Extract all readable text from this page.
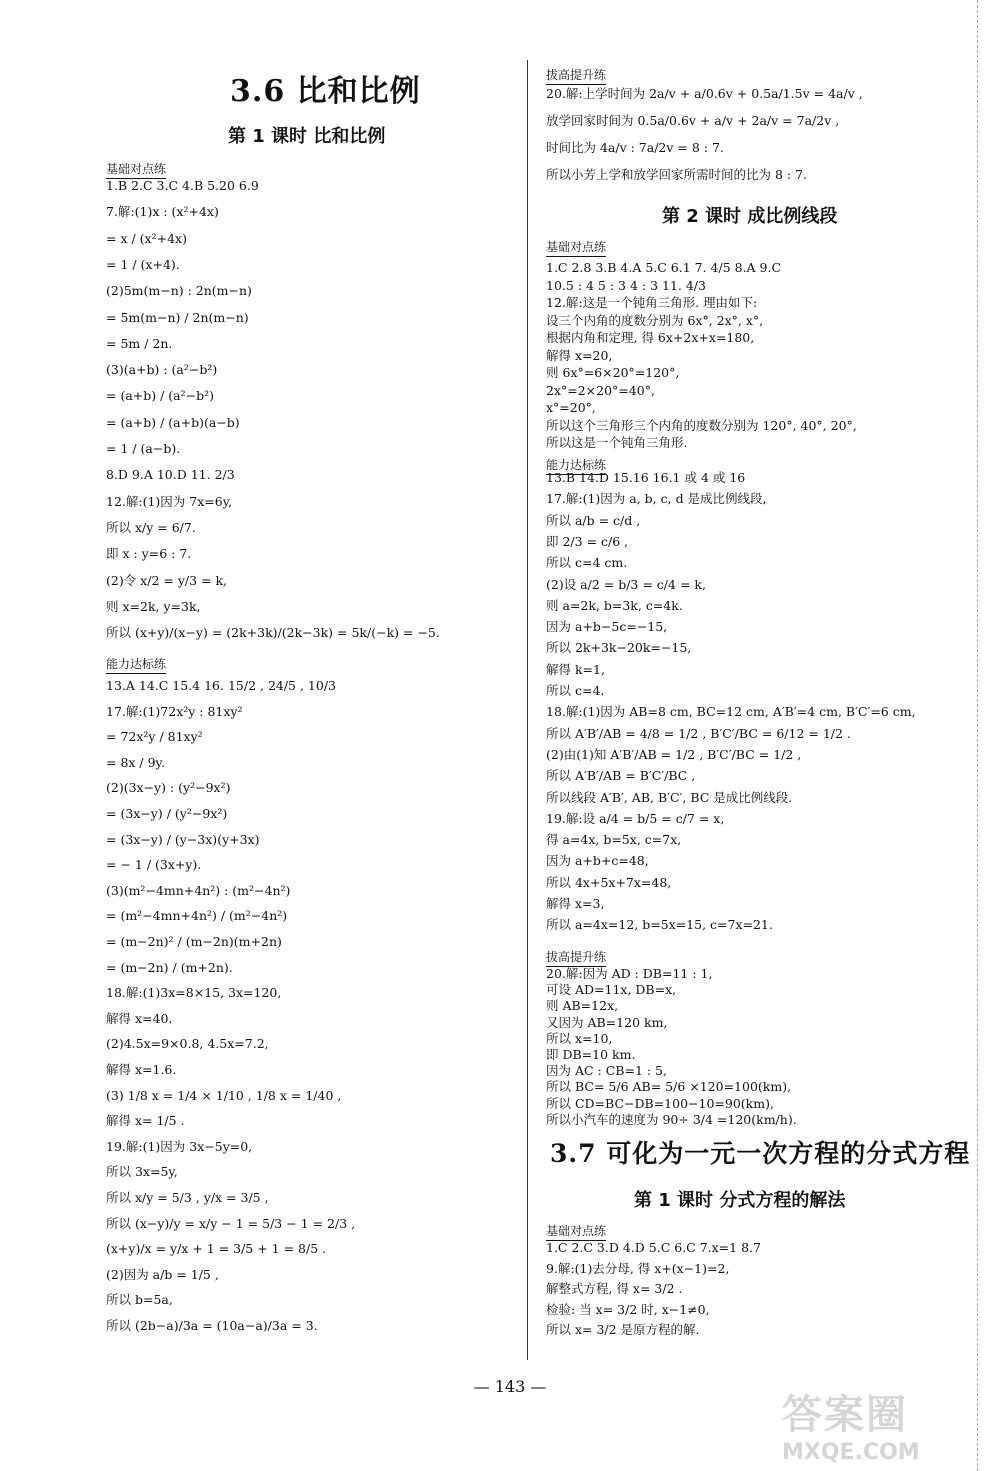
3.6 比和比例
第 1 课时 比和比例
基础对点练
1.B 2.C 3.C 4.B 5.20 6.9
7.解:(1)x : (x²+4x)
= x / (x²+4x)
= 1 / (x+4).
(2)5m(m−n) : 2n(m−n)
= 5m(m−n) / 2n(m−n)
= 5m / 2n.
(3)(a+b) : (a²−b²)
= (a+b) / (a²−b²)
= (a+b) / (a+b)(a−b)
= 1 / (a−b).
8.D 9.A 10.D 11. 2/3
12.解:(1)因为 7x=6y,
所以 x/y = 6/7.
即 x : y=6 : 7.
(2)令 x/2 = y/3 = k,
则 x=2k, y=3k,
所以 (x+y)/(x−y) = (2k+3k)/(2k−3k) = 5k/(−k) = −5.
能力达标练
13.A 14.C 15.4 16. 15/2 , 24/5 , 10/3
17.解:(1)72x²y : 81xy²
= 72x²y / 81xy²
= 8x / 9y.
(2)(3x−y) : (y²−9x²)
= (3x−y) / (y²−9x²)
= (3x−y) / (y−3x)(y+3x)
= − 1 / (3x+y).
(3)(m²−4mn+4n²) : (m²−4n²)
= (m²−4mn+4n²) / (m²−4n²)
= (m−2n)² / (m−2n)(m+2n)
= (m−2n) / (m+2n).
18.解:(1)3x=8×15, 3x=120,
解得 x=40.
(2)4.5x=9×0.8, 4.5x=7.2,
解得 x=1.6.
(3) 1/8 x = 1/4 × 1/10 , 1/8 x = 1/40 ,
解得 x= 1/5 .
19.解:(1)因为 3x−5y=0,
所以 3x=5y,
所以 x/y = 5/3 , y/x = 3/5 ,
所以 (x−y)/y = x/y − 1 = 5/3 − 1 = 2/3 ,
(x+y)/x = y/x + 1 = 3/5 + 1 = 8/5 .
(2)因为 a/b = 1/5 ,
所以 b=5a,
所以 (2b−a)/3a = (10a−a)/3a = 3.
拔高提升练
20.解:上学时间为 2a/v + a/0.6v + 0.5a/1.5v = 4a/v ,
放学回家时间为 0.5a/0.6v + a/v + 2a/v = 7a/2v ,
时间比为 4a/v : 7a/2v = 8 : 7.
所以小芳上学和放学回家所需时间的比为 8 : 7.
第 2 课时 成比例线段
基础对点练
1.C 2.8 3.B 4.A 5.C 6.1 7. 4/5 8.A 9.C
10.5 : 4 5 : 3 4 : 3 11. 4/3
12.解:这是一个钝角三角形. 理由如下:
设三个内角的度数分别为 6x°, 2x°, x°,
根据内角和定理, 得 6x+2x+x=180,
解得 x=20,
则 6x°=6×20°=120°,
2x°=2×20°=40°,
x°=20°,
所以这个三角形三个内角的度数分别为 120°, 40°, 20°,
所以这是一个钝角三角形.
能力达标练
13.B 14.D 15.16 16.1 或 4 或 16
17.解:(1)因为 a, b, c, d 是成比例线段,
所以 a/b = c/d ,
即 2/3 = c/6 ,
所以 c=4 cm.
(2)设 a/2 = b/3 = c/4 = k,
则 a=2k, b=3k, c=4k.
因为 a+b−5c=−15,
所以 2k+3k−20k=−15,
解得 k=1,
所以 c=4.
18.解:(1)因为 AB=8 cm, BC=12 cm, A′B′=4 cm, B′C′=6 cm,
所以 A′B′/AB = 4/8 = 1/2 , B′C′/BC = 6/12 = 1/2 .
(2)由(1)知 A′B′/AB = 1/2 , B′C′/BC = 1/2 ,
所以 A′B′/AB = B′C′/BC ,
所以线段 A′B′, AB, B′C′, BC 是成比例线段.
19.解:设 a/4 = b/5 = c/7 = x,
得 a=4x, b=5x, c=7x,
因为 a+b+c=48,
所以 4x+5x+7x=48,
解得 x=3,
所以 a=4x=12, b=5x=15, c=7x=21.
拔高提升练
20.解:因为 AD : DB=11 : 1,
可设 AD=11x, DB=x,
则 AB=12x,
又因为 AB=120 km,
所以 x=10,
即 DB=10 km.
因为 AC : CB=1 : 5,
所以 BC= 5/6 AB= 5/6 ×120=100(km),
所以 CD=BC−DB=100−10=90(km),
所以小汽车的速度为 90÷ 3/4 =120(km/h).
3.7 可化为一元一次方程的分式方程
第 1 课时 分式方程的解法
基础对点练
1.C 2.C 3.D 4.D 5.C 6.C 7.x=1 8.7
9.解:(1)去分母, 得 x+(x−1)=2,
解整式方程, 得 x= 3/2 .
检验: 当 x= 3/2 时, x−1≠0,
所以 x= 3/2 是原方程的解.
— 143 —
答案圈
MXQE.COM
